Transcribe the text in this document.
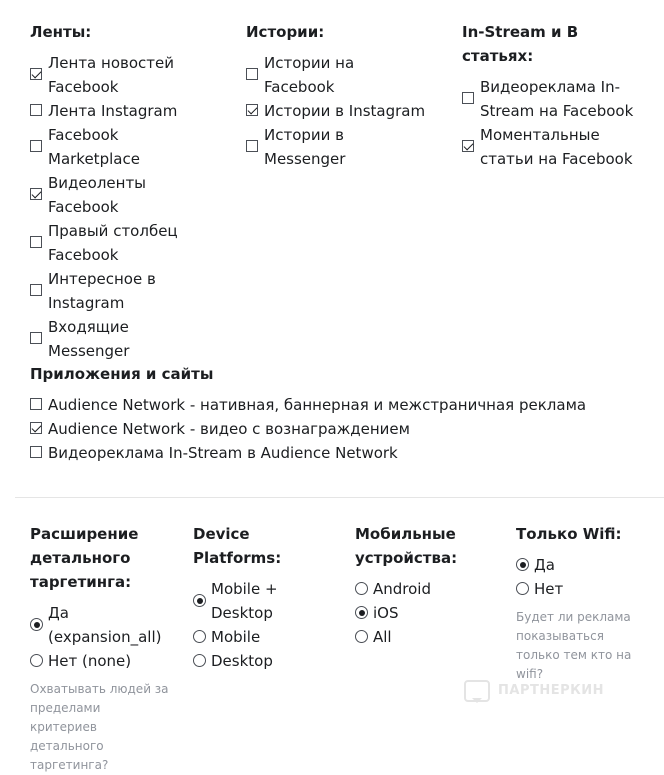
Ленты:
Лента новостей Facebook
Лента Instagram
Facebook Marketplace
Видеоленты Facebook
Правый столбец Facebook
Интересное в Instagram
Входящие Messenger
Истории:
Истории на Facebook
Истории в Instagram
Истории в Messenger
In-Stream и В статьях:
Видеореклама In-Stream на Facebook
Моментальные статьи на Facebook
Приложения и сайты
Audience Network - нативная, баннерная и межстраничная реклама
Audience Network - видео с вознаграждением
Видеореклама In-Stream в Audience Network
Расширение детального таргетинга:
Да (expansion_all)
Нет (none)
Охватывать людей за пределами критериев детального таргетинга?
Device Platforms:
Mobile + Desktop
Mobile
Desktop
Мобильные устройства:
Android
iOS
All
Только Wifi:
Да
Нет
Будет ли реклама показываться только тем кто на wifi?
ПАРТНЕРКИН
